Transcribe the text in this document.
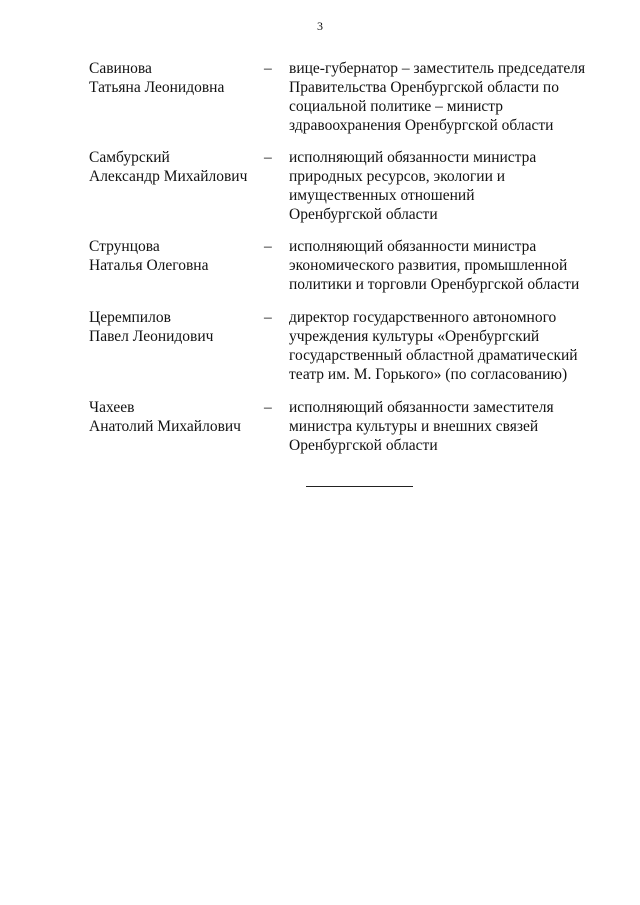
3
Савинова
Татьяна Леонидовна
–	вице-губернатор – заместитель председателя
Правительства Оренбургской области по
социальной политике – министр
здравоохранения Оренбургской области
Самбурский
Александр Михайлович
–	исполняющий обязанности министра
природных ресурсов, экологии и
имущественных отношений
Оренбургской области
Струнцова
Наталья Олеговна
–	исполняющий обязанности министра
экономического развития, промышленной
политики и торговли Оренбургской области
Церемпилов
Павел Леонидович
–	директор государственного автономного
учреждения культуры «Оренбургский
государственный областной драматический
театр им. М. Горького» (по согласованию)
Чахеев
Анатолий Михайлович
–	исполняющий обязанности заместителя
министра культуры и внешних связей
Оренбургской области
